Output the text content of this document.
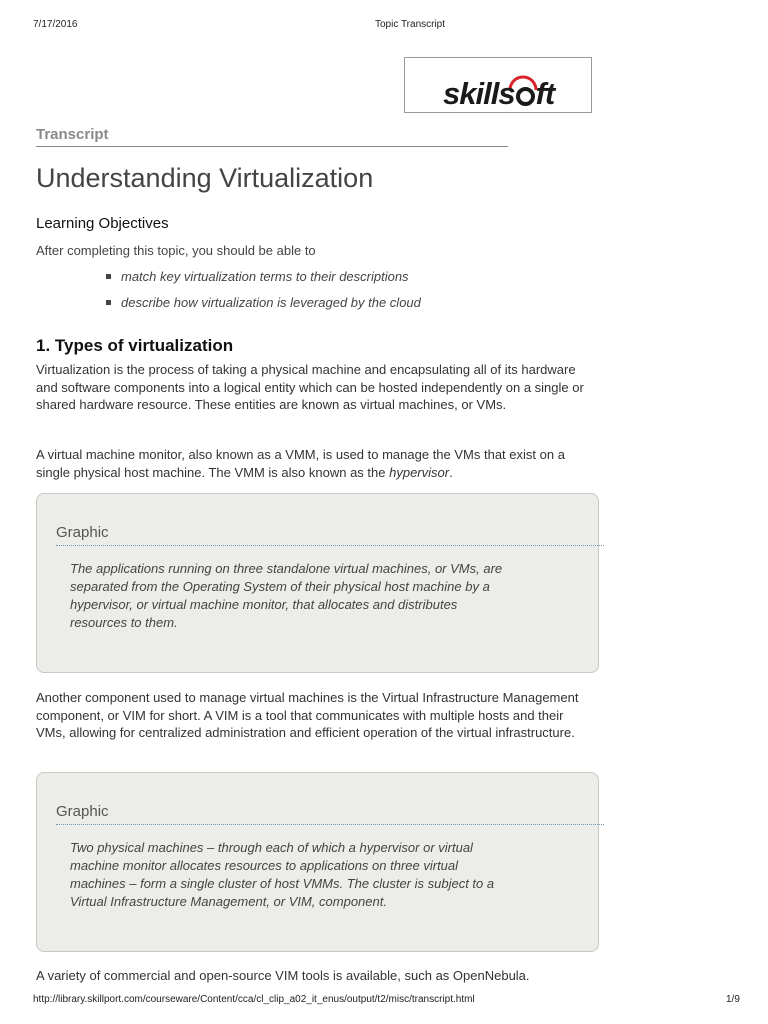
7/17/2016	Topic Transcript
skills ft
Transcript
Understanding Virtualization
Learning Objectives
After completing this topic, you should be able to
match key virtualization terms to their descriptions
describe how virtualization is leveraged by the cloud
1. Types of virtualization

Virtualization is the process of taking a physical machine and encapsulating all of its hardware and software components into a logical entity which can be hosted independently on a single or shared hardware resource. These entities are known as virtual machines, or VMs.

A virtual machine monitor, also known as a VMM, is used to manage the VMs that exist on a single physical host machine. The VMM is also known as the hypervisor.

Graphic

The applications running on three standalone virtual machines, or VMs, are separated from the Operating System of their physical host machine by a hypervisor, or virtual machine monitor, that allocates and distributes resources to them.

Another component used to manage virtual machines is the Virtual Infrastructure Management component, or VIM for short. A VIM is a tool that communicates with multiple hosts and their VMs, allowing for centralized administration and efficient operation of the virtual infrastructure.

Graphic

Two physical machines – through each of which a hypervisor or virtual machine monitor allocates resources to applications on three virtual machines – form a single cluster of host VMMs. The cluster is subject to a Virtual Infrastructure Management, or VIM, component.

A variety of commercial and open-source VIM tools is available, such as OpenNebula.

http://library.skillport.com/courseware/Content/cca/cl_clip_a02_it_enus/output/t2/misc/transcript.html	1/9
